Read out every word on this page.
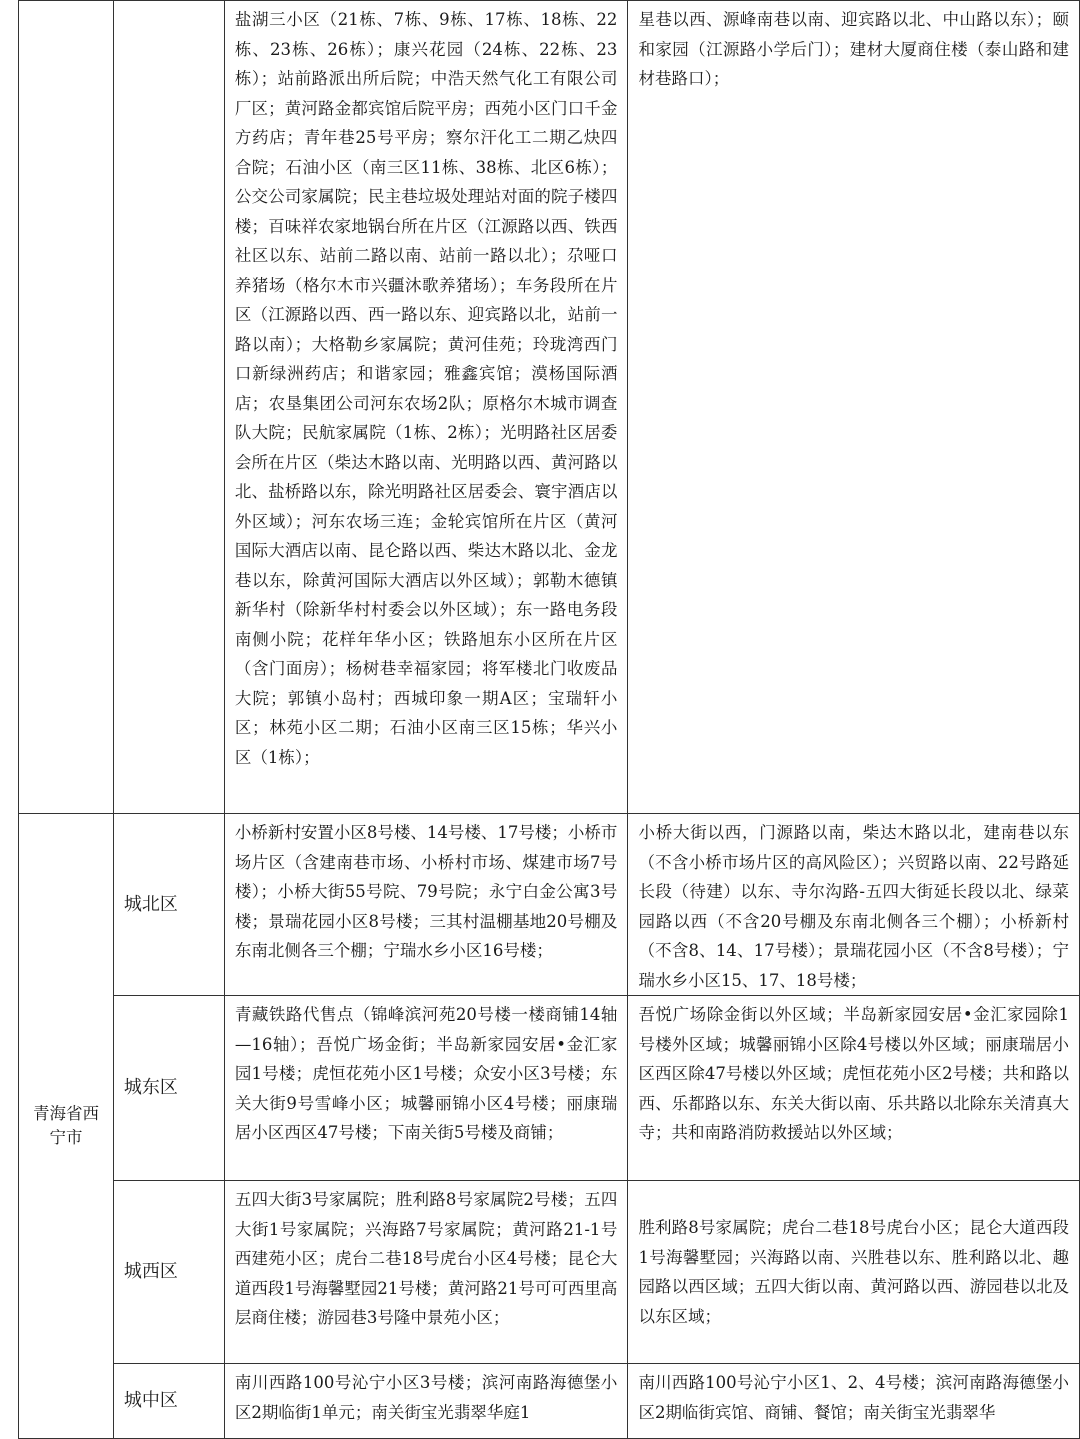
		盐湖三小区（21栋、7栋、9栋、17栋、18栋、22栋、23栋、26栋）；康兴花园（24栋、22栋、23栋）；站前路派出所后院；中浩天然气化工有限公司厂区；黄河路金都宾馆后院平房；西苑小区门口千金方药店；青年巷25号平房；察尔汗化工二期乙炔四合院；石油小区（南三区11栋、38栋、北区6栋）；公交公司家属院；民主巷垃圾处理站对面的院子楼四楼；百味祥农家地锅台所在片区（江源路以西、铁西社区以东、站前二路以南、站前一路以北）；尕哑口养猪场（格尔木市兴疆沐歌养猪场）；车务段所在片区（江源路以西、西一路以东、迎宾路以北，站前一路以南）；大格勒乡家属院；黄河佳苑；玲珑湾西门口新绿洲药店；和谐家园；雅鑫宾馆；漠杨国际酒店；农垦集团公司河东农场2队；原格尔木城市调查队大院；民航家属院（1栋、2栋）；光明路社区居委会所在片区（柴达木路以南、光明路以西、黄河路以北、盐桥路以东，除光明路社区居委会、寰宇酒店以外区域）；河东农场三连；金轮宾馆所在片区（黄河国际大酒店以南、昆仑路以西、柴达木路以北、金龙巷以东，除黄河国际大酒店以外区域）；郭勒木德镇新华村（除新华村村委会以外区域）；东一路电务段南侧小院；花样年华小区；铁路旭东小区所在片区（含门面房）；杨树巷幸福家园；将军楼北门收废品大院；郭镇小岛村；西城印象一期A区；宝瑞轩小区；林苑小区二期；石油小区南三区15栋；华兴小区（1栋）；	星巷以西、源峰南巷以南、迎宾路以北、中山路以东）；颐和家园（江源路小学后门）；建材大厦商住楼（泰山路和建材巷路口）；

青海省西宁市	城北区	小桥新村安置小区8号楼、14号楼、17号楼；小桥市场片区（含建南巷市场、小桥村市场、煤建市场7号楼）；小桥大街55号院、79号院；永宁白金公寓3号楼；景瑞花园小区8号楼；三其村温棚基地20号棚及东南北侧各三个棚；宁瑞水乡小区16号楼；	小桥大街以西，门源路以南，柴达木路以北，建南巷以东（不含小桥市场片区的高风险区）；兴贸路以南、22号路延长段（待建）以东、寺尔沟路-五四大街延长段以北、绿菜园路以西（不含20号棚及东南北侧各三个棚）；小桥新村（不含8、14、17号楼）；景瑞花园小区（不含8号楼）；宁瑞水乡小区15、17、18号楼；

	城东区	青藏铁路代售点（锦峰滨河苑20号楼一楼商铺14轴—16轴）；吾悦广场金街；半岛新家园安居•金汇家园1号楼；虎恒花苑小区1号楼；众安小区3号楼；东关大街9号雪峰小区；城馨丽锦小区4号楼；丽康瑞居小区西区47号楼；下南关街5号楼及商铺；	吾悦广场除金街以外区域；半岛新家园安居•金汇家园除1号楼外区域；城馨丽锦小区除4号楼以外区域；丽康瑞居小区西区除47号楼以外区域；虎恒花苑小区2号楼；共和路以西、乐都路以东、东关大街以南、乐共路以北除东关清真大寺；共和南路消防救援站以外区域；

	城西区	五四大街3号家属院；胜利路8号家属院2号楼；五四大街1号家属院；兴海路7号家属院；黄河路21-1号西建苑小区；虎台二巷18号虎台小区4号楼；昆仑大道西段1号海馨墅园21号楼；黄河路21号可可西里高层商住楼；游园巷3号隆中景苑小区；	胜利路8号家属院；虎台二巷18号虎台小区；昆仑大道西段1号海馨墅园；兴海路以南、兴胜巷以东、胜利路以北、趣园路以西区域；五四大街以南、黄河路以西、游园巷以北及以东区域；

	城中区	南川西路100号沁宁小区3号楼；滨河南路海德堡小区2期临街1单元；南关街宝光翡翠华庭1	南川西路100号沁宁小区1、2、4号楼；滨河南路海德堡小区2期临街宾馆、商铺、餐馆；南关街宝光翡翠华
